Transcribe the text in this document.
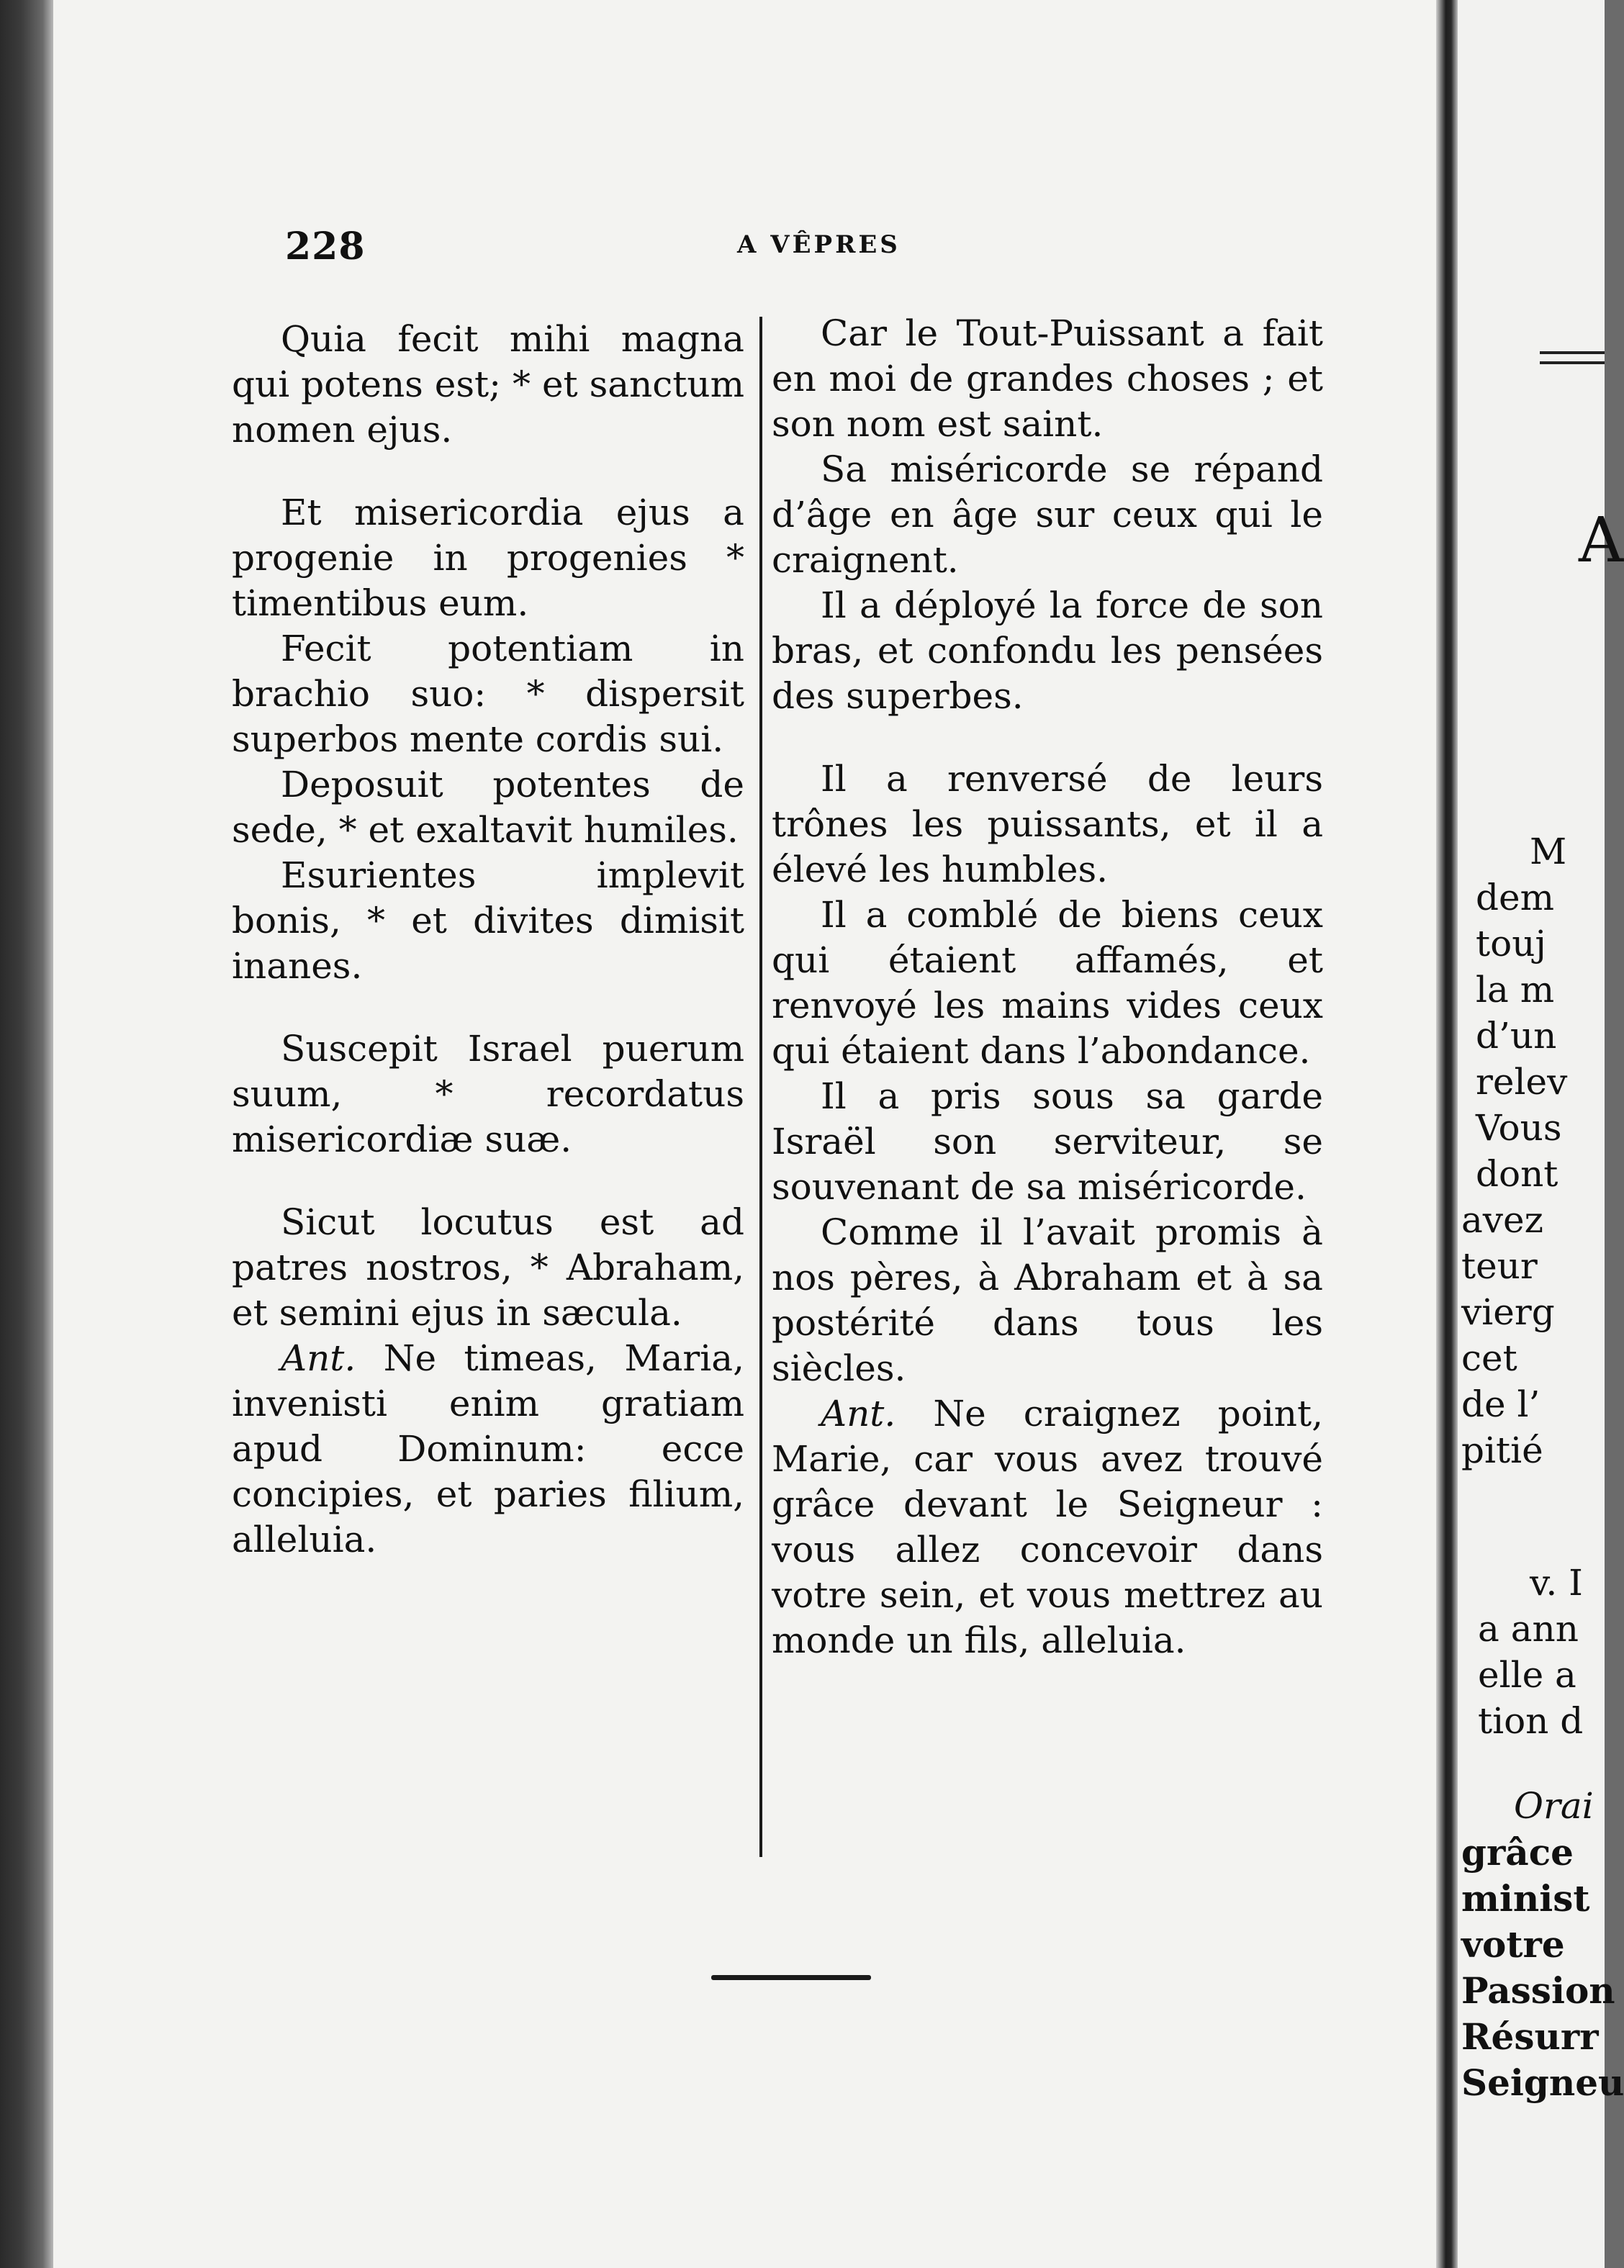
228	A VÊPRES

Quia fecit mihi magna qui potens est; * et sanctum nomen ejus.

Et misericordia ejus a progenie in progenies * timentibus eum.

Fecit potentiam in brachio suo: * dispersit superbos mente cordis sui.

Deposuit potentes de sede, * et exaltavit humiles.

Esurientes implevit bonis, * et divites dimisit inanes.

Suscepit Israel puerum suum, * recordatus misericordiæ suæ.

Sicut locutus est ad patres nostros, * Abraham, et semini ejus in sæcula.

Ant. Ne timeas, Maria, invenisti enim gratiam apud Dominum: ecce concipies, et paries filium, alleluia.

Car le Tout-Puissant a fait en moi de grandes choses ; et son nom est saint.

Sa miséricorde se répand d’âge en âge sur ceux qui le craignent.

Il a déployé la force de son bras, et confondu les pensées des superbes.

Il a renversé de leurs trônes les puissants, et il a élevé les humbles.

Il a comblé de biens ceux qui étaient affamés, et renvoyé les mains vides ceux qui étaient dans l’abondance.

Il a pris sous sa garde Israël son serviteur, se souvenant de sa miséricorde.

Comme il l’avait promis à nos pères, à Abraham et à sa postérité dans tous les siècles.

Ant. Ne craignez point, Marie, car vous avez trouvé grâce devant le Seigneur : vous allez concevoir dans votre sein, et vous mettrez au monde un fils, alleluia.

A
M
dem
touj
la m
d’un
relev
Vous
dont
avez
teur
vierg
cet
de l’
pitié
v. I
a ann
elle a
tion d
Orai
grâce
minist
votre
Passion
Résurr
Seigneu
